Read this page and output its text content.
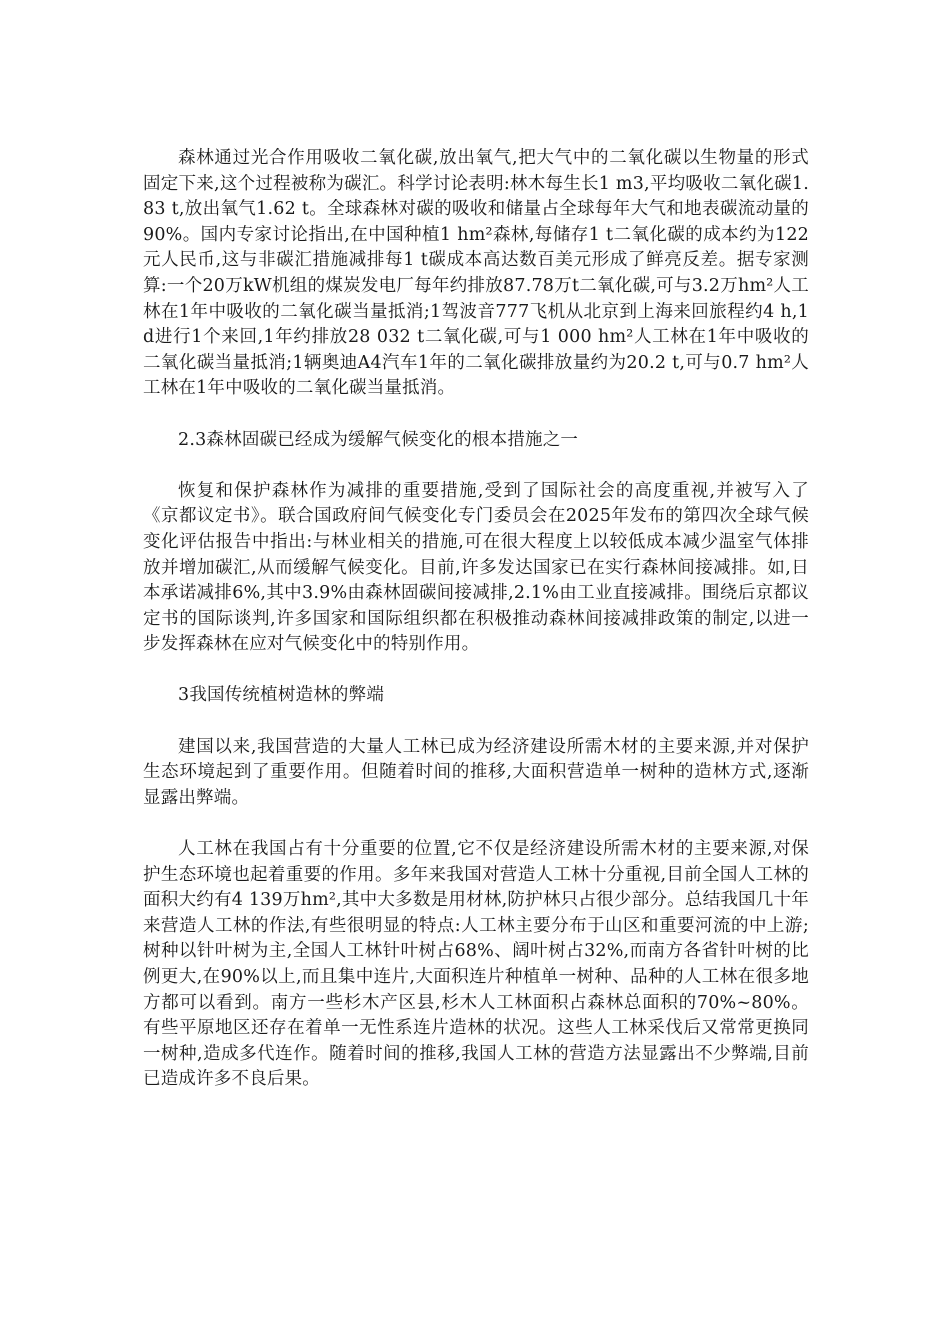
森林通过光合作用吸收二氧化碳,放出氧气,把大气中的二氧化碳以生物量的形式固定下来,这个过程被称为碳汇。科学讨论表明:林木每生长1 m3,平均吸收二氧化碳1.83 t,放出氧气1.62 t。全球森林对碳的吸收和储量占全球每年大气和地表碳流动量的90%。国内专家讨论指出,在中国种植1 hm²森林,每储存1 t二氧化碳的成本约为122元人民币,这与非碳汇措施减排每1 t碳成本高达数百美元形成了鲜亮反差。据专家测算:一个20万kW机组的煤炭发电厂每年约排放87.78万t二氧化碳,可与3.2万hm²人工林在1年中吸收的二氧化碳当量抵消;1驾波音777飞机从北京到上海来回旅程约4 h,1 d进行1个来回,1年约排放28 032 t二氧化碳,可与1 000 hm²人工林在1年中吸收的二氧化碳当量抵消;1辆奥迪A4汽车1年的二氧化碳排放量约为20.2 t,可与0.7 hm²人工林在1年中吸收的二氧化碳当量抵消。

2.3森林固碳已经成为缓解气候变化的根本措施之一

恢复和保护森林作为减排的重要措施,受到了国际社会的高度重视,并被写入了《京都议定书》。联合国政府间气候变化专门委员会在2025年发布的第四次全球气候变化评估报告中指出:与林业相关的措施,可在很大程度上以较低成本减少温室气体排放并增加碳汇,从而缓解气候变化。目前,许多发达国家已在实行森林间接减排。如,日本承诺减排6%,其中3.9%由森林固碳间接减排,2.1%由工业直接减排。围绕后京都议定书的国际谈判,许多国家和国际组织都在积极推动森林间接减排政策的制定,以进一步发挥森林在应对气候变化中的特别作用。

3我国传统植树造林的弊端

建国以来,我国营造的大量人工林已成为经济建设所需木材的主要来源,并对保护生态环境起到了重要作用。但随着时间的推移,大面积营造单一树种的造林方式,逐渐显露出弊端。

人工林在我国占有十分重要的位置,它不仅是经济建设所需木材的主要来源,对保护生态环境也起着重要的作用。多年来我国对营造人工林十分重视,目前全国人工林的面积大约有4 139万hm²,其中大多数是用材林,防护林只占很少部分。总结我国几十年来营造人工林的作法,有些很明显的特点:人工林主要分布于山区和重要河流的中上游;树种以针叶树为主,全国人工林针叶树占68%、阔叶树占32%,而南方各省针叶树的比例更大,在90%以上,而且集中连片,大面积连片种植单一树种、品种的人工林在很多地方都可以看到。南方一些杉木产区县,杉木人工林面积占森林总面积的70%~80%。有些平原地区还存在着单一无性系连片造林的状况。这些人工林采伐后又常常更换同一树种,造成多代连作。随着时间的推移,我国人工林的营造方法显露出不少弊端,目前已造成许多不良后果。
